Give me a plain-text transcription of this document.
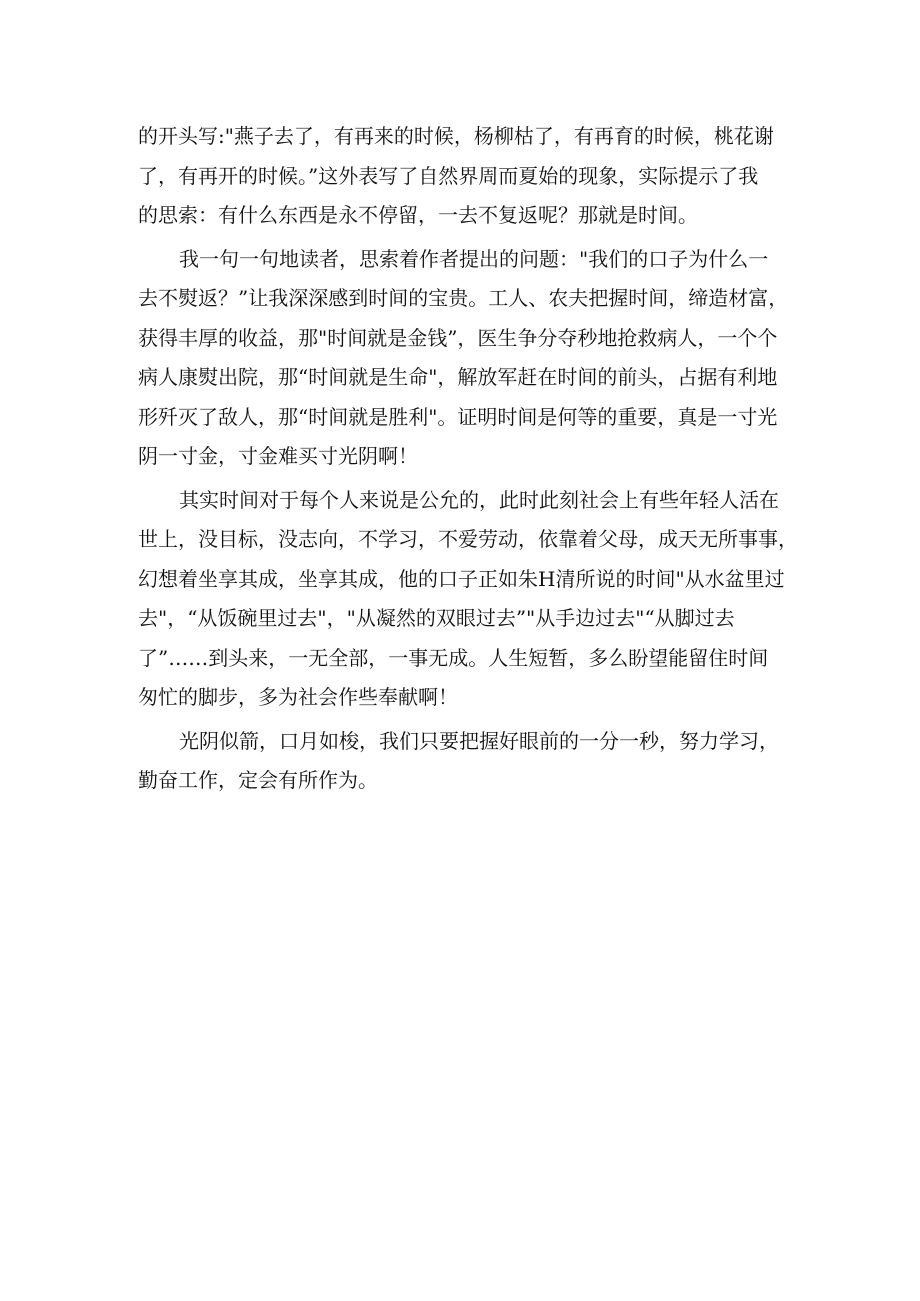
的开头写:"燕子去了，有再来的时候，杨柳枯了，有再育的时候，桃花谢
了，有再开的时候。”这外表写了自然界周而夏始的现象，实际提示了我
的思索：有什么东西是永不停留，一去不复返呢？那就是时间。
我一句一句地读者，思索着作者提出的问题："我们的口子为什么一
去不熨返？”让我深深感到时间的宝贵。工人、农夫把握时间，缔造材富，
获得丰厚的收益，那"时间就是金钱”，医生争分夺秒地抢救病人，一个个
病人康熨出院，那“时间就是生命"，解放军赶在时间的前头，占据有利地
形歼灭了敌人，那“时间就是胜利"。证明时间是何等的重要，真是一寸光
阴一寸金，寸金难买寸光阴啊！
其实时间对于每个人来说是公允的，此时此刻社会上有些年轻人活在
世上，没目标，没志向，不学习，不爱劳动，依靠着父母，成天无所事事，
幻想着坐享其成，坐享其成，他的口子正如朱H清所说的时间"从水盆里过
去"，“从饭碗里过去"，"从凝然的双眼过去”"从手边过去"“从脚过去
了”……到头来，一无全部，一事无成。人生短暂，多么盼望能留住时间
匆忙的脚步，多为社会作些奉献啊！
光阴似箭，口月如梭，我们只要把握好眼前的一分一秒，努力学习，
勤奋工作，定会有所作为。
